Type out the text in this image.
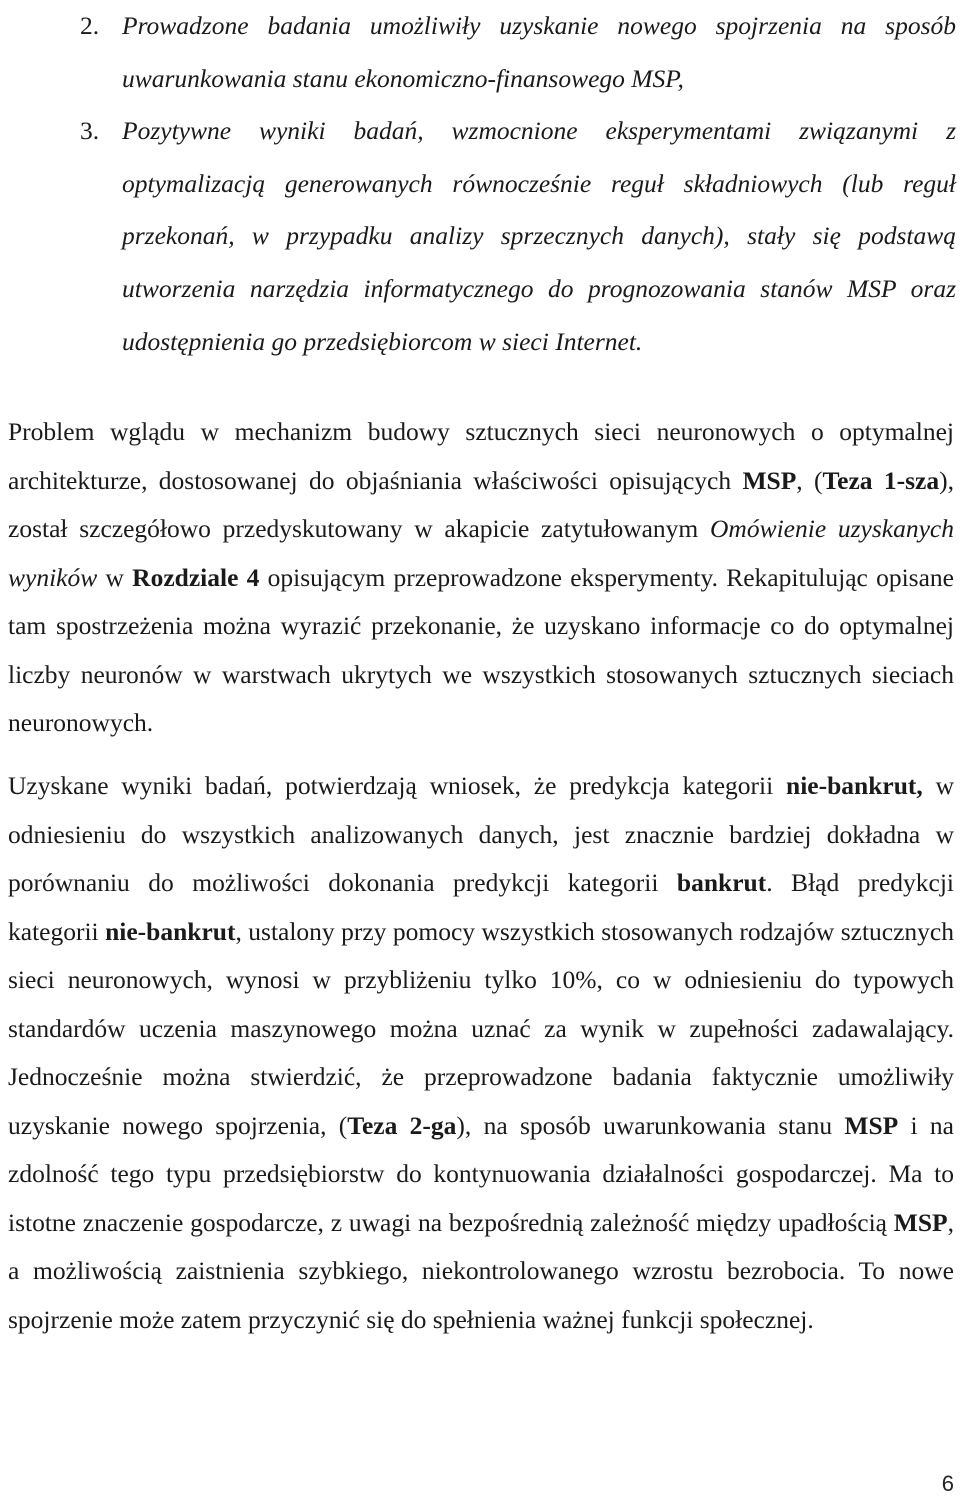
2. Prowadzone badania umożliwiły uzyskanie nowego spojrzenia na sposób uwarunkowania stanu ekonomiczno-finansowego MSP,
3. Pozytywne wyniki badań, wzmocnione eksperymentami związanymi z optymalizacją generowanych równocześnie reguł składniowych (lub reguł przekonań, w przypadku analizy sprzecznych danych), stały się podstawą utworzenia narzędzia informatycznego do prognozowania stanów MSP oraz udostępnienia go przedsiębiorcom w sieci Internet.

Problem wglądu w mechanizm budowy sztucznych sieci neuronowych o optymalnej architekturze, dostosowanej do objaśniania właściwości opisujących MSP, (Teza 1-sza), został szczegółowo przedyskutowany w akapicie zatytułowanym Omówienie uzyskanych wyników w Rozdziale 4 opisującym przeprowadzone eksperymenty. Rekapitulując opisane tam spostrzeżenia można wyrazić przekonanie, że uzyskano informacje co do optymalnej liczby neuronów w warstwach ukrytych we wszystkich stosowanych sztucznych sieciach neuronowych.

Uzyskane wyniki badań, potwierdzają wniosek, że predykcja kategorii nie-bankrut, w odniesieniu do wszystkich analizowanych danych, jest znacznie bardziej dokładna w porównaniu do możliwości dokonania predykcji kategorii bankrut. Błąd predykcji kategorii nie-bankrut, ustalony przy pomocy wszystkich stosowanych rodzajów sztucznych sieci neuronowych, wynosi w przybliżeniu tylko 10%, co w odniesieniu do typowych standardów uczenia maszynowego można uznać za wynik w zupełności zadawalający. Jednocześnie można stwierdzić, że przeprowadzone badania faktycznie umożliwiły uzyskanie nowego spojrzenia, (Teza 2-ga), na sposób uwarunkowania stanu MSP i na zdolność tego typu przedsiębiorstw do kontynuowania działalności gospodarczej. Ma to istotne znaczenie gospodarcze, z uwagi na bezpośrednią zależność między upadłością MSP, a możliwością zaistnienia szybkiego, niekontrolowanego wzrostu bezrobocia. To nowe spojrzenie może zatem przyczynić się do spełnienia ważnej funkcji społecznej.

6
